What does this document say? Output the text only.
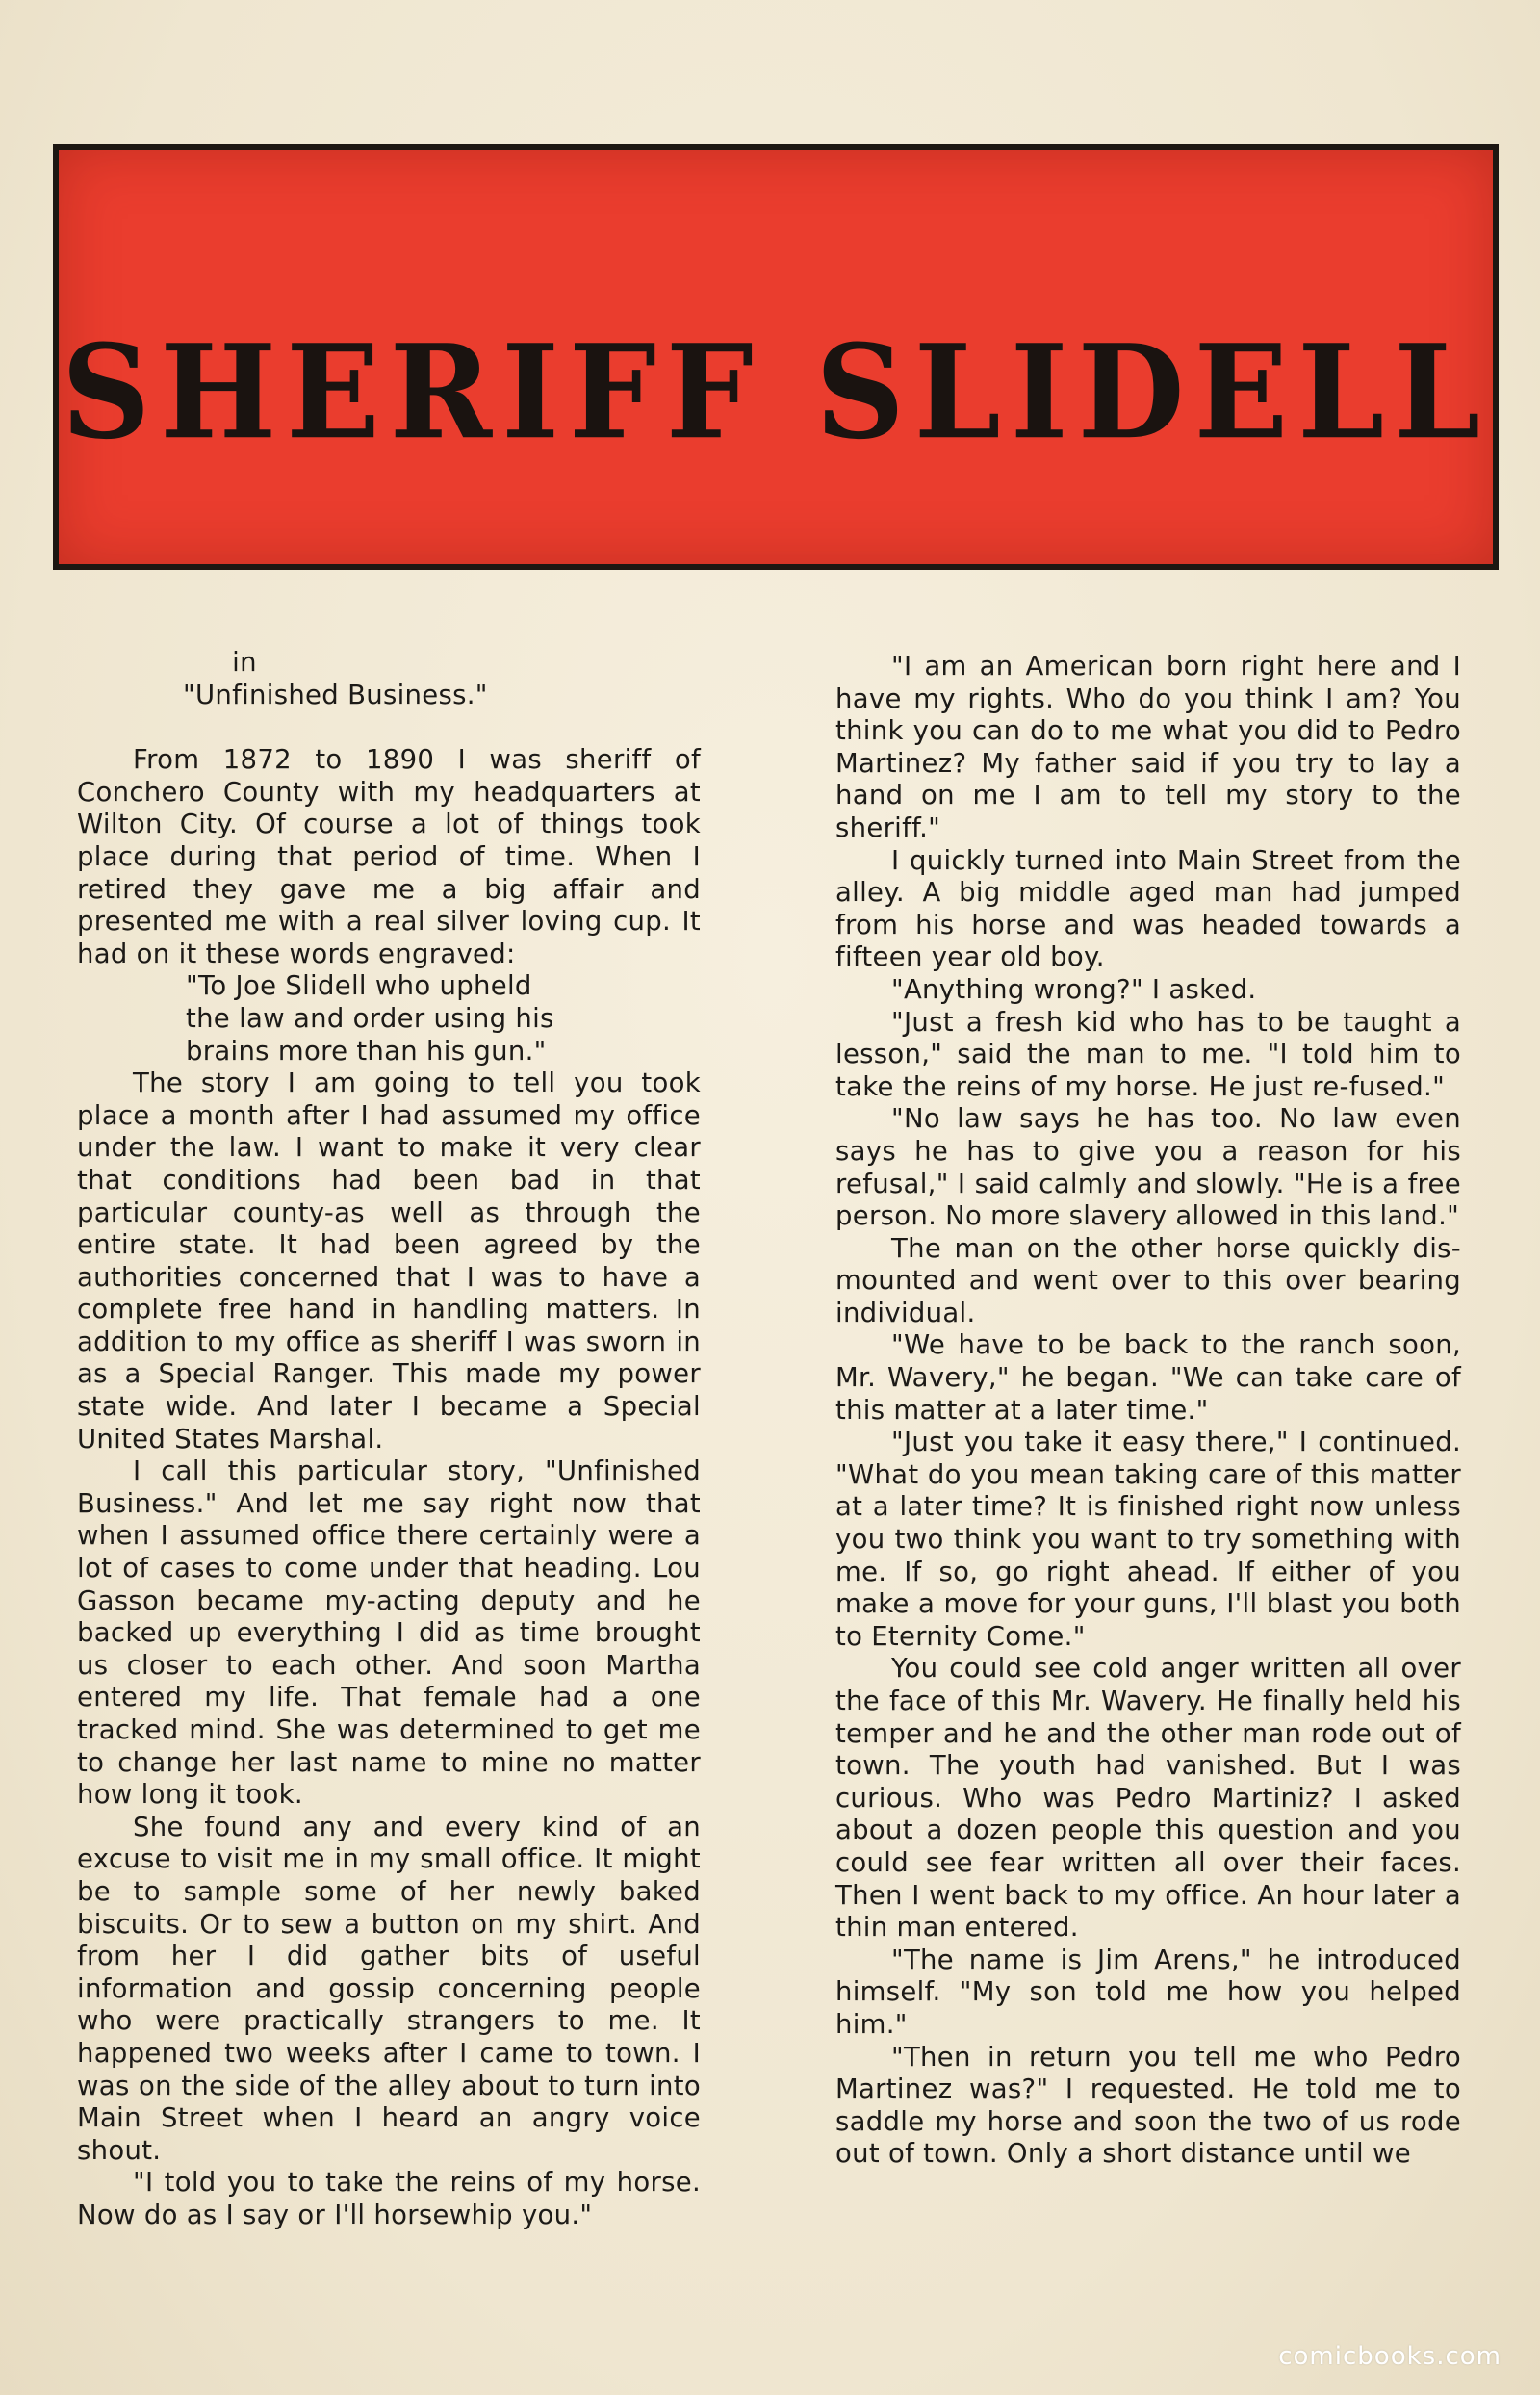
SHERIFF SLIDELL

in

"Unfinished Business."

From 1872 to 1890 I was sheriff of Conchero County with my headquarters at Wilton City. Of course a lot of things took place during that period of time. When I retired they gave me a big affair and presented me with a real silver loving cup. It had on it these words engraved:

"To Joe Slidell who upheld

the law and order using his

brains more than his gun."

The story I am going to tell you took place a month after I had assumed my office under the law. I want to make it very clear that conditions had been bad in that particular county-as well as through the entire state. It had been agreed by the authorities concerned that I was to have a complete free hand in handling matters. In addition to my office as sheriff I was sworn in as a Special Ranger. This made my power state wide. And later I became a Special United States Marshal.

I call this particular story, "Unfinished Business." And let me say right now that when I assumed office there certainly were a lot of cases to come under that heading. Lou Gasson became my-acting deputy and he backed up everything I did as time brought us closer to each other. And soon Martha entered my life. That female had a one tracked mind. She was determined to get me to change her last name to mine no matter how long it took.

She found any and every kind of an excuse to visit me in my small office. It might be to sample some of her newly baked biscuits. Or to sew a button on my shirt. And from her I did gather bits of useful information and gossip concerning people who were practically strangers to me. It happened two weeks after I came to town. I was on the side of the alley about to turn into Main Street when I heard an angry voice shout.

"I told you to take the reins of my horse. Now do as I say or I'll horsewhip you."

"I am an American born right here and I have my rights. Who do you think I am? You think you can do to me what you did to Pedro Martinez? My father said if you try to lay a hand on me I am to tell my story to the sheriff."

I quickly turned into Main Street from the alley. A big middle aged man had jumped from his horse and was headed towards a fifteen year old boy.

"Anything wrong?" I asked.

"Just a fresh kid who has to be taught a lesson," said the man to me. "I told him to take the reins of my horse. He just re-fused."

"No law says he has too. No law even says he has to give you a reason for his refusal," I said calmly and slowly. "He is a free person. No more slavery allowed in this land."

The man on the other horse quickly dis-mounted and went over to this over bearing individual.

"We have to be back to the ranch soon, Mr. Wavery," he began. "We can take care of this matter at a later time."

"Just you take it easy there," I continued. "What do you mean taking care of this matter at a later time? It is finished right now unless you two think you want to try something with me. If so, go right ahead. If either of you make a move for your guns, I'll blast you both to Eternity Come."

You could see cold anger written all over the face of this Mr. Wavery. He finally held his temper and he and the other man rode out of town. The youth had vanished. But I was curious. Who was Pedro Martiniz? I asked about a dozen people this question and you could see fear written all over their faces. Then I went back to my office. An hour later a thin man entered.

"The name is Jim Arens," he introduced himself. "My son told me how you helped him."

"Then in return you tell me who Pedro Martinez was?" I requested. He told me to saddle my horse and soon the two of us rode out of town. Only a short distance until we

comicbooks.com
